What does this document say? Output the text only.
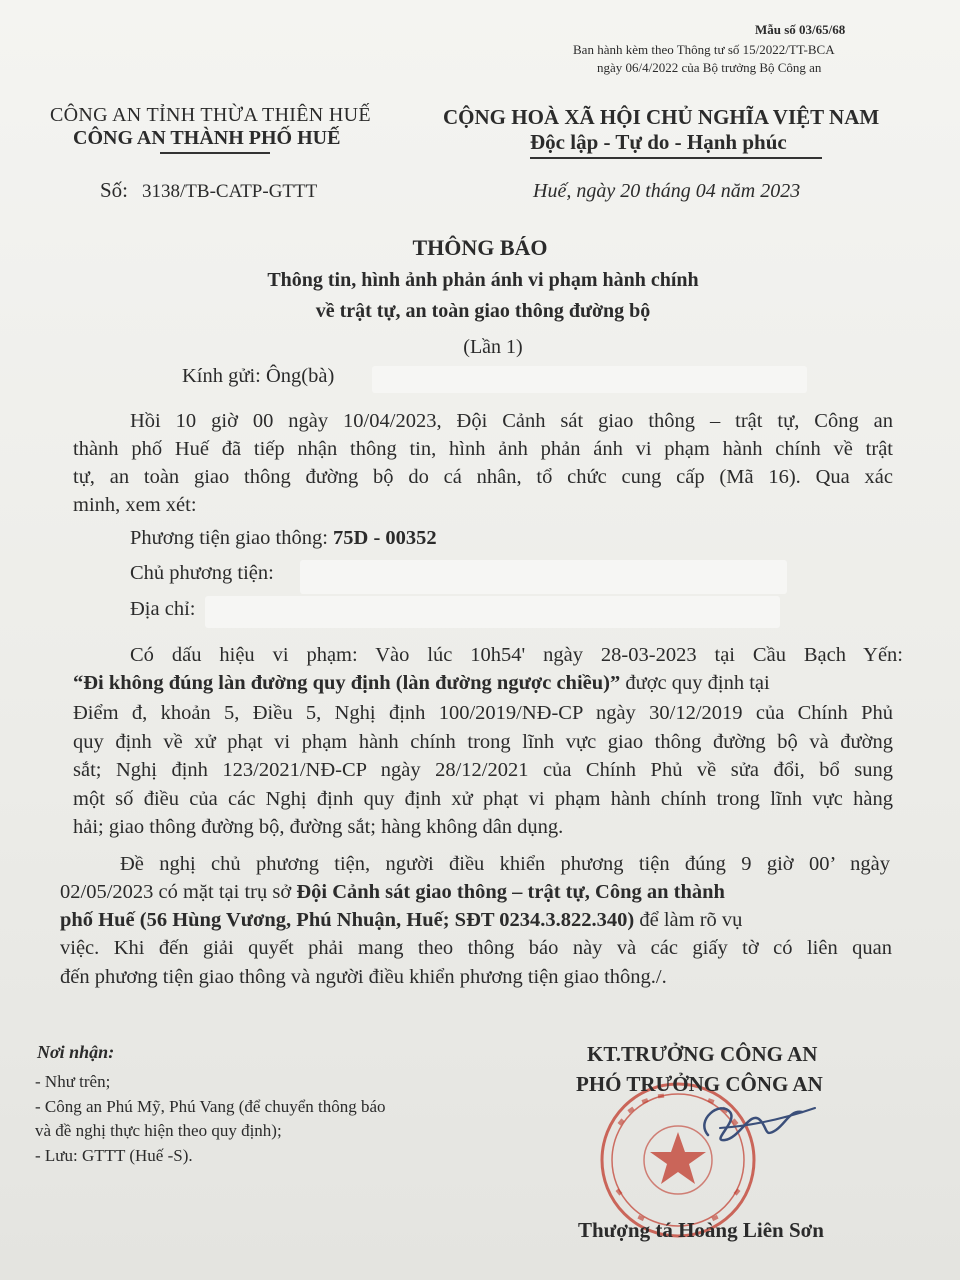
Mẫu số 03/65/68
Ban hành kèm theo Thông tư số 15/2022/TT-BCA
ngày 06/4/2022 của Bộ trưởng Bộ Công an
CÔNG AN TỈNH THỪA THIÊN HUẾ
CÔNG AN THÀNH PHỐ HUẾ
CỘNG HOÀ XÃ HỘI CHỦ NGHĨA VIỆT NAM
Độc lập - Tự do - Hạnh phúc
Số: 3138/TB-CATP-GTTT	Huế, ngày 20 tháng 04 năm 2023
THÔNG BÁO
Thông tin, hình ảnh phản ánh vi phạm hành chính
về trật tự, an toàn giao thông đường bộ
(Lần 1)
Kính gửi: Ông(bà)
Hồi 10 giờ 00 ngày 10/04/2023, Đội Cảnh sát giao thông – trật tự, Công an
thành phố Huế đã tiếp nhận thông tin, hình ảnh phản ánh vi phạm hành chính về trật
tự, an toàn giao thông đường bộ do cá nhân, tổ chức cung cấp (Mã 16). Qua xác
minh, xem xét:
Phương tiện giao thông: 75D - 00352
Chủ phương tiện:
Địa chỉ:
Có dấu hiệu vi phạm: Vào lúc 10h54' ngày 28-03-2023 tại Cầu Bạch Yến:
“Đi không đúng làn đường quy định (làn đường ngược chiều)” được quy định tại
Điểm đ, khoản 5, Điều 5, Nghị định 100/2019/NĐ-CP ngày 30/12/2019 của Chính Phủ
quy định về xử phạt vi phạm hành chính trong lĩnh vực giao thông đường bộ và đường
sắt; Nghị định 123/2021/NĐ-CP ngày 28/12/2021 của Chính Phủ về sửa đổi, bổ sung
một số điều của các Nghị định quy định xử phạt vi phạm hành chính trong lĩnh vực hàng
hải; giao thông đường bộ, đường sắt; hàng không dân dụng.
Đề nghị chủ phương tiện, người điều khiển phương tiện đúng 9 giờ 00’ ngày
02/05/2023 có mặt tại trụ sở Đội Cảnh sát giao thông – trật tự, Công an thành
phố Huế (56 Hùng Vương, Phú Nhuận, Huế; SĐT 0234.3.822.340) để làm rõ vụ
việc. Khi đến giải quyết phải mang theo thông báo này và các giấy tờ có liên quan
đến phương tiện giao thông và người điều khiển phương tiện giao thông./.
Nơi nhận:
- Như trên;
- Công an Phú Mỹ, Phú Vang (để chuyển thông báo
và đề nghị thực hiện theo quy định);
- Lưu: GTTT (Huế -S).
KT.TRƯỞNG CÔNG AN
PHÓ TRƯỞNG CÔNG AN
Thượng tá Hoàng Liên Sơn
